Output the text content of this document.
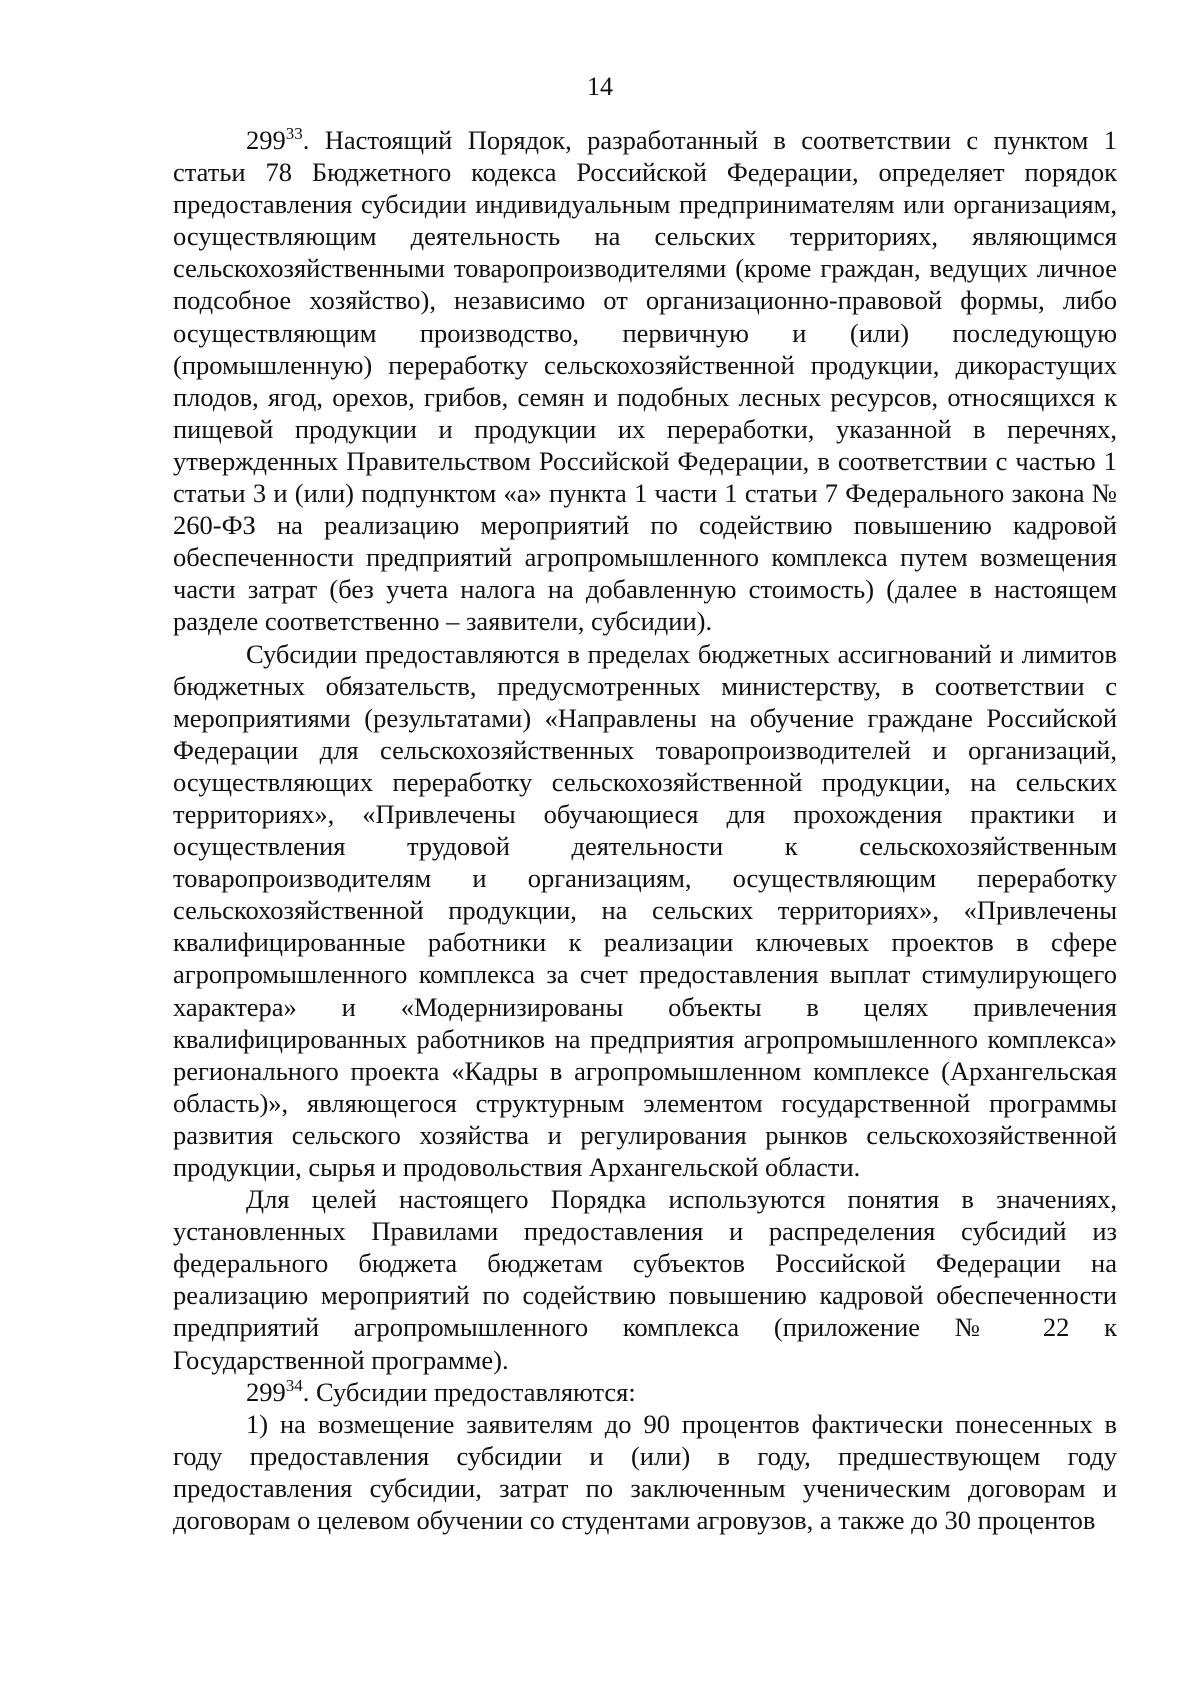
14

$299^{33}$. Настоящий Порядок, разработанный в соответствии с пунктом 1 статьи 78 Бюджетного кодекса Российской Федерации, определяет порядок предоставления субсидии индивидуальным предпринимателям или организациям, осуществляющим деятельность на сельских территориях, являющимся сельскохозяйственными товаропроизводителями (кроме граждан, ведущих личное подсобное хозяйство), независимо от организационно-правовой формы, либо осуществляющим производство, первичную и (или) последующую (промышленную) переработку сельскохозяйственной продукции, дикорастущих плодов, ягод, орехов, грибов, семян и подобных лесных ресурсов, относящихся к пищевой продукции и продукции их переработки, указанной в перечнях, утвержденных Правительством Российской Федерации, в соответствии с частью 1 статьи 3 и (или) подпунктом «а» пункта 1 части 1 статьи 7 Федерального закона № 260-ФЗ на реализацию мероприятий по содействию повышению кадровой обеспеченности предприятий агропромышленного комплекса путем возмещения части затрат (без учета налога на добавленную стоимость) (далее в настоящем разделе соответственно – заявители, субсидии).

Субсидии предоставляются в пределах бюджетных ассигнований и лимитов бюджетных обязательств, предусмотренных министерству, в соответствии с мероприятиями (результатами) «Направлены на обучение граждане Российской Федерации для сельскохозяйственных товаропроизводителей и организаций, осуществляющих переработку сельскохозяйственной продукции, на сельских территориях», «Привлечены обучающиеся для прохождения практики и осуществления трудовой деятельности к сельскохозяйственным товаропроизводителям и организациям, осуществляющим переработку сельскохозяйственной продукции, на сельских территориях», «Привлечены квалифицированные работники к реализации ключевых проектов в сфере агропромышленного комплекса за счет предоставления выплат стимулирующего характера» и «Модернизированы объекты в целях привлечения квалифицированных работников на предприятия агропромышленного комплекса» регионального проекта «Кадры в агропромышленном комплексе (Архангельская область)», являющегося структурным элементом государственной программы развития сельского хозяйства и регулирования рынков сельскохозяйственной продукции, сырья и продовольствия Архангельской области.

Для целей настоящего Порядка используются понятия в значениях, установленных Правилами предоставления и распределения субсидий из федерального бюджета бюджетам субъектов Российской Федерации на реализацию мероприятий по содействию повышению кадровой обеспеченности предприятий агропромышленного комплекса (приложение № 22 к Государственной программе).

$299^{34}$. Субсидии предоставляются:

1) на возмещение заявителям до 90 процентов фактически понесенных в году предоставления субсидии и (или) в году, предшествующем году предоставления субсидии, затрат по заключенным ученическим договорам и договорам о целевом обучении со студентами агровузов, а также до 30 процентов
